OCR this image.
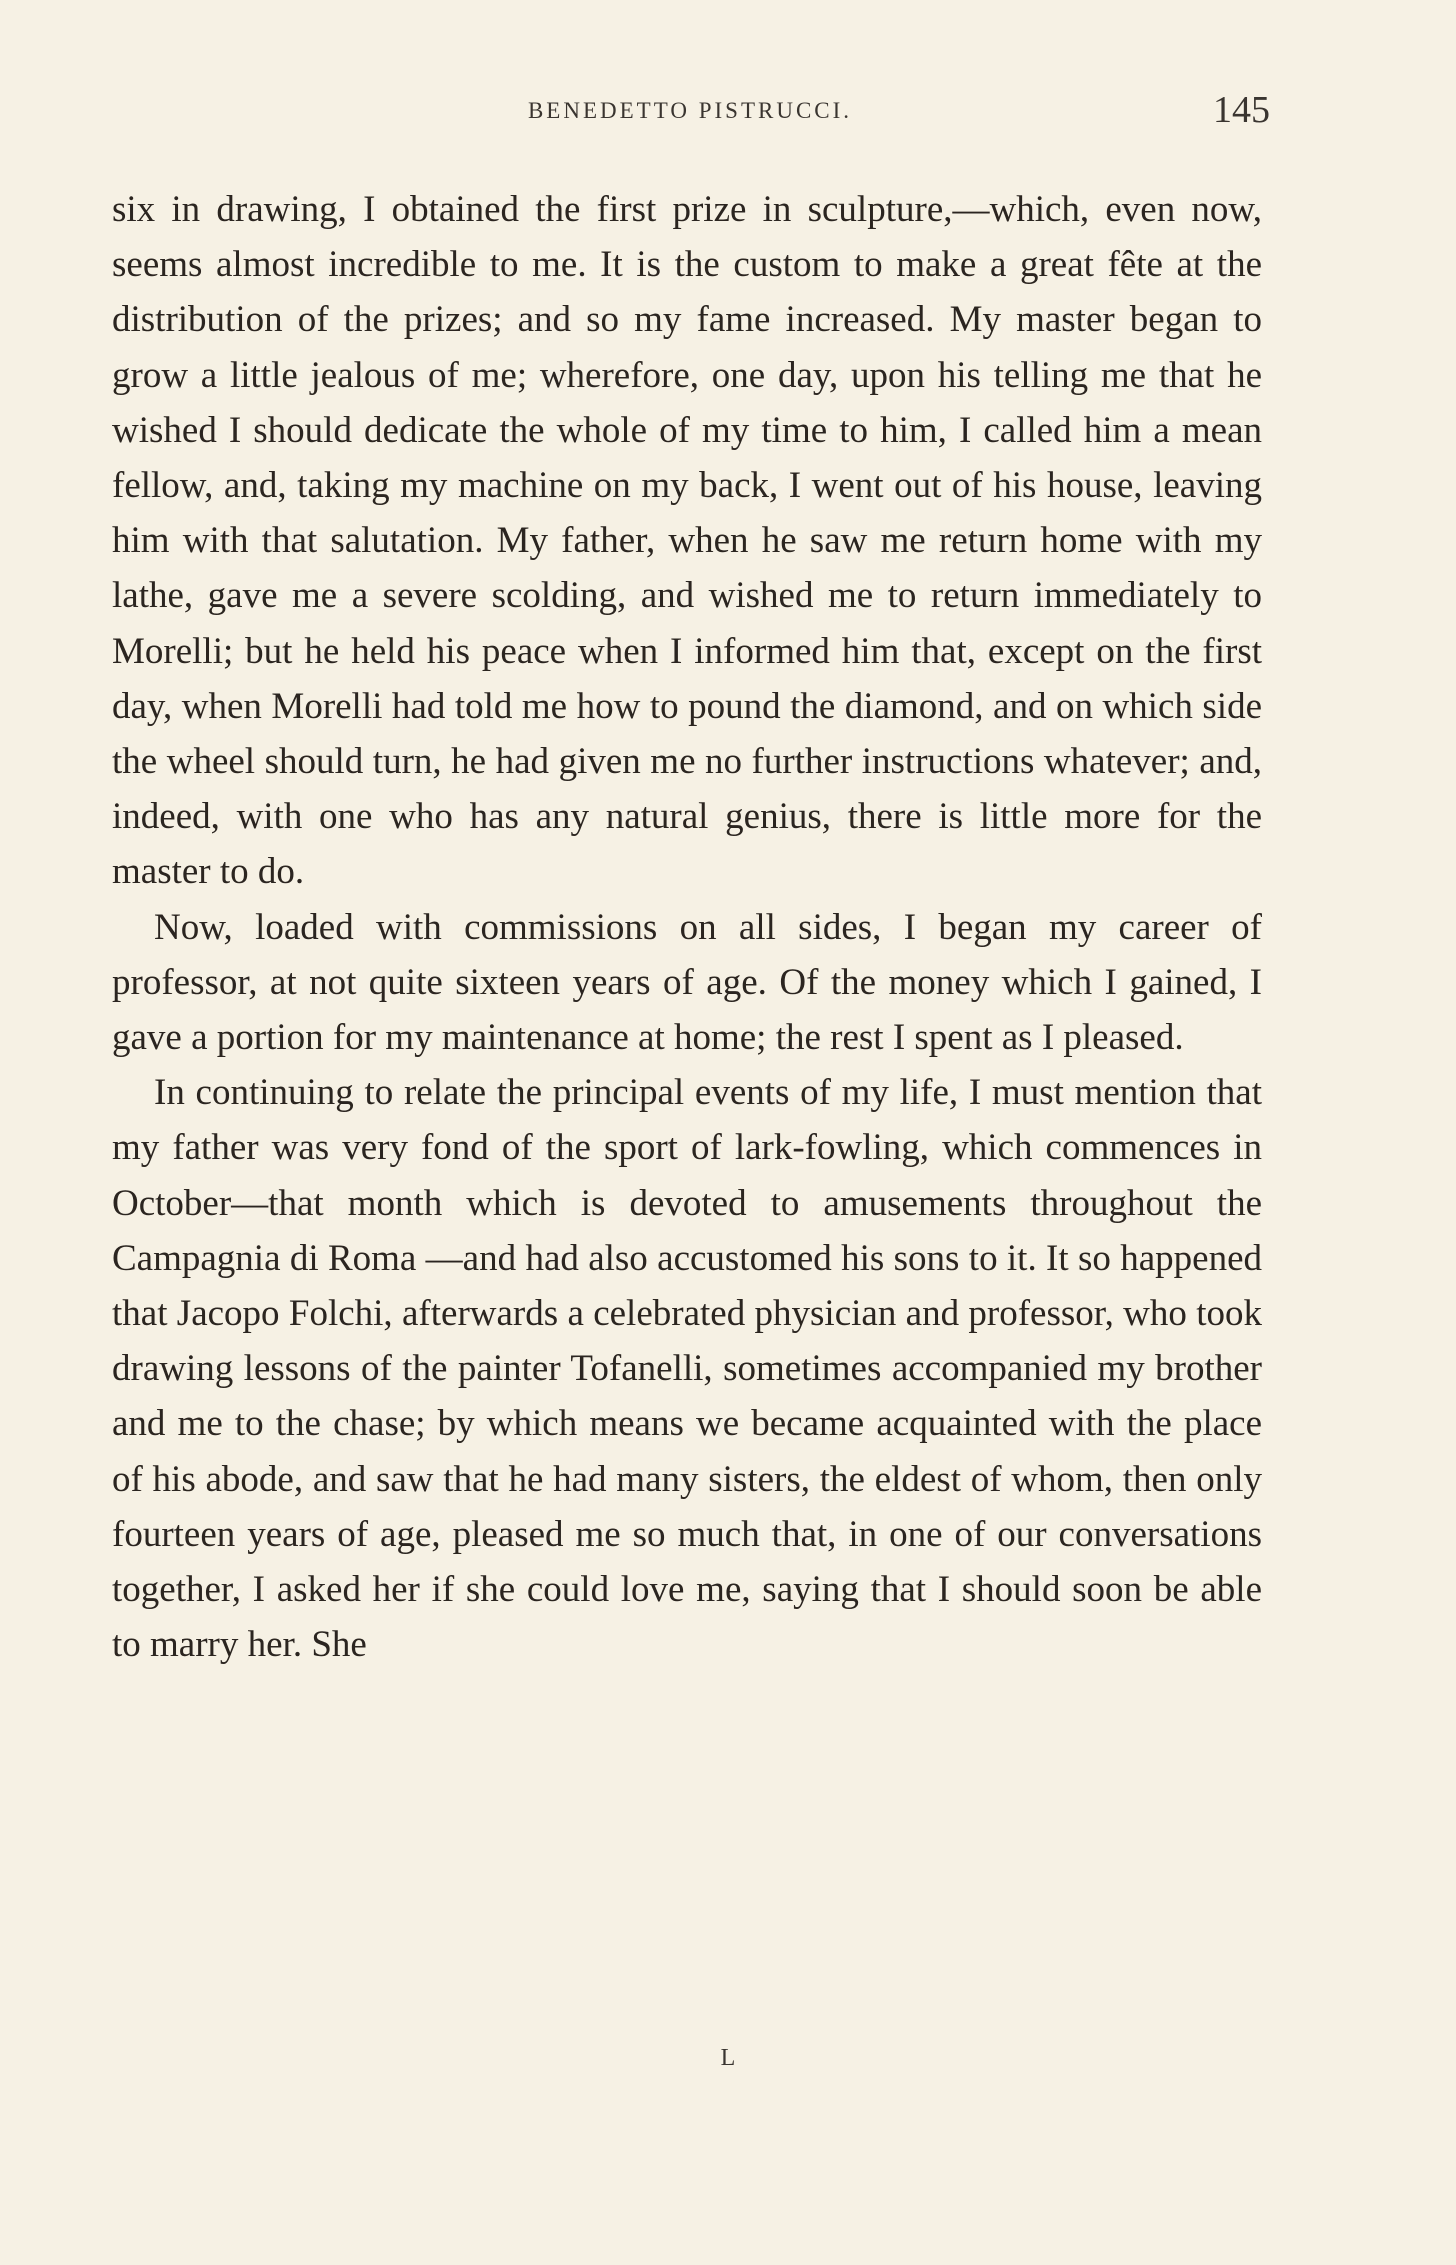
BENEDETTO PISTRUCCI.	145

six in drawing, I obtained the first prize in sculpture,—which, even now, seems almost incredible to me. It is the custom to make a great fête at the distribution of the prizes; and so my fame increased. My master began to grow a little jealous of me; wherefore, one day, upon his telling me that he wished I should dedicate the whole of my time to him, I called him a mean fellow, and, taking my machine on my back, I went out of his house, leaving him with that salutation. My father, when he saw me return home with my lathe, gave me a severe scolding, and wished me to return immediately to Morelli; but he held his peace when I informed him that, except on the first day, when Morelli had told me how to pound the diamond, and on which side the wheel should turn, he had given me no further instructions whatever; and, indeed, with one who has any natural genius, there is little more for the master to do.

Now, loaded with commissions on all sides, I began my career of professor, at not quite sixteen years of age. Of the money which I gained, I gave a portion for my maintenance at home; the rest I spent as I pleased.

In continuing to relate the principal events of my life, I must mention that my father was very fond of the sport of lark-fowling, which commences in October—that month which is devoted to amusements throughout the Campagnia di Roma —and had also accustomed his sons to it. It so happened that Jacopo Folchi, afterwards a celebrated physician and professor, who took drawing lessons of the painter Tofanelli, sometimes accompanied my brother and me to the chase; by which means we became acquainted with the place of his abode, and saw that he had many sisters, the eldest of whom, then only fourteen years of age, pleased me so much that, in one of our conversations together, I asked her if she could love me, saying that I should soon be able to marry her. She

L
